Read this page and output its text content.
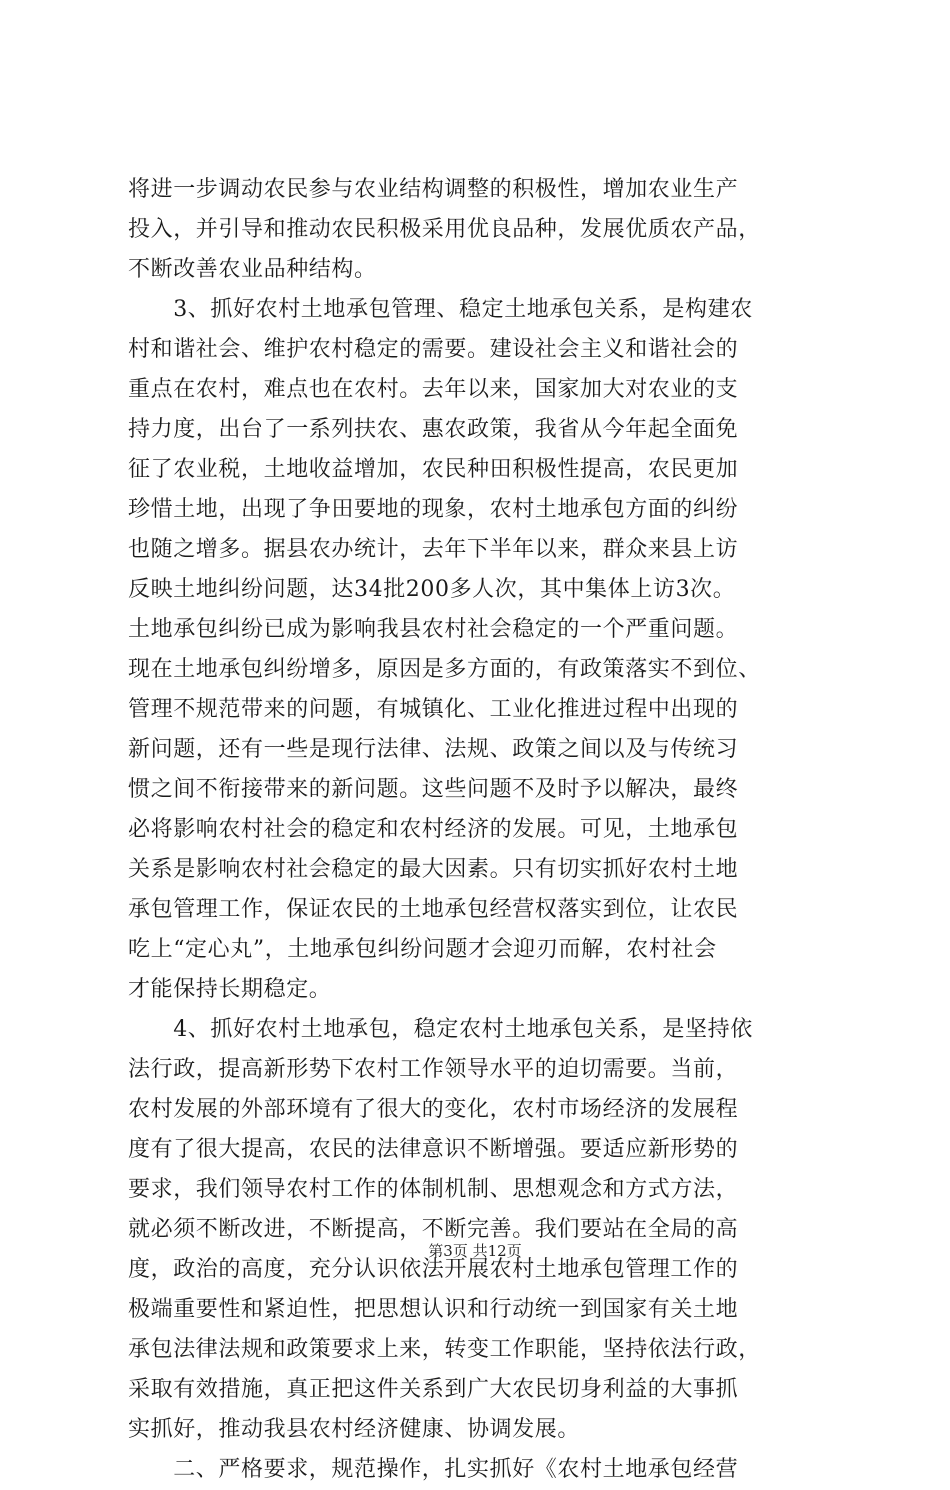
将进一步调动农民参与农业结构调整的积极性，增加农业生产
投入，并引导和推动农民积极采用优良品种，发展优质农产品，
不断改善农业品种结构。
　　3、抓好农村土地承包管理、稳定土地承包关系，是构建农
村和谐社会、维护农村稳定的需要。建设社会主义和谐社会的
重点在农村，难点也在农村。去年以来，国家加大对农业的支
持力度，出台了一系列扶农、惠农政策，我省从今年起全面免
征了农业税，土地收益增加，农民种田积极性提高，农民更加
珍惜土地，出现了争田要地的现象，农村土地承包方面的纠纷
也随之增多。据县农办统计，去年下半年以来，群众来县上访
反映土地纠纷问题，达34批200多人次，其中集体上访3次。
土地承包纠纷已成为影响我县农村社会稳定的一个严重问题。
现在土地承包纠纷增多，原因是多方面的，有政策落实不到位、
管理不规范带来的问题，有城镇化、工业化推进过程中出现的
新问题，还有一些是现行法律、法规、政策之间以及与传统习
惯之间不衔接带来的新问题。这些问题不及时予以解决，最终
必将影响农村社会的稳定和农村经济的发展。可见，土地承包
关系是影响农村社会稳定的最大因素。只有切实抓好农村土地
承包管理工作，保证农民的土地承包经营权落实到位，让农民
吃上“定心丸”，土地承包纠纷问题才会迎刃而解，农村社会
才能保持长期稳定。
　　4、抓好农村土地承包，稳定农村土地承包关系，是坚持依
法行政，提高新形势下农村工作领导水平的迫切需要。当前，
农村发展的外部环境有了很大的变化，农村市场经济的发展程
度有了很大提高，农民的法律意识不断增强。要适应新形势的
要求，我们领导农村工作的体制机制、思想观念和方式方法，
就必须不断改进，不断提高，不断完善。我们要站在全局的高
度，政治的高度，充分认识依法开展农村土地承包管理工作的
极端重要性和紧迫性，把思想认识和行动统一到国家有关土地
承包法律法规和政策要求上来，转变工作职能，坚持依法行政，
采取有效措施，真正把这件关系到广大农民切身利益的大事抓
实抓好，推动我县农村经济健康、协调发展。
　　二、严格要求，规范操作，扎实抓好《农村土地承包经营
第3页 共12页
